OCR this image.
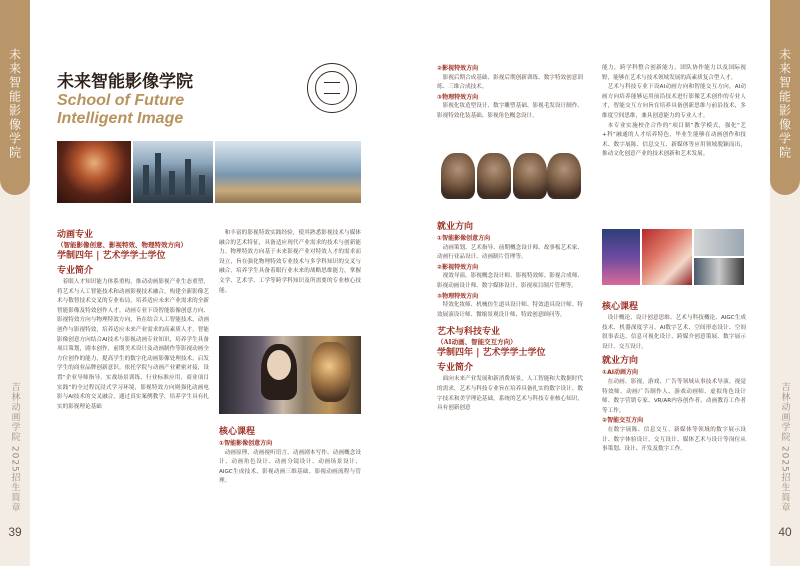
未来智能影像学院
吉林动画学院 2025招生简章
39
未来智能影像学院
吉林动画学院 2025招生简章
40
未来智能影像学院
School of Future
Intelligent Image
动画专业
（智能影像创意、影视特效、物理特效方向）
学制四年 | 艺术学学士学位
专业简介

着眼人才知识能力体系重构，推动动画影视产业生态重塑，将艺术与人工智能技术和动画影视技术融合，构建全新影像艺术与数智技术交叉的专业布局，培养适应未来产业需求的全新智能影像及特效创作人才。动画专业下设智能影像创意方向、影视特效方向与物理特效方向，旨在结合人工智能技术，动画创作与影视特效，培养适应未来产业需求的高素质人才，智能影像创意方向结合AI技术与影视动画专业知识，培养学生具备项目策划，剧本创作，前期美术设计及动画制作等影视动画全方位创作的能力，提高学生的数字化动画影像处理技术，启发学生的商业品牌创新意识。依托学院与动画产业紧密对接，设置“企业导师指导、实战场景训练、行业标准应用、商业项目实践”的全过程沉浸式学习环境，影视特效方向则强化动画电影与AI技术的交叉融合，通过真实案例教学，培养学生具有扎实的影视理论基础

和丰富的影视特效实践经验，使其熟悉影视技术与媒体融合的艺术特征，具备适应现代产业需求的技术与创新能力。物理特效方向基于未来影视产业对特效人才的需求而设立，旨在强化物理特效专业技术与多学科知识的交叉与融合，培养学生具备着眼行业未来的战略思维能力，掌握文学、艺术学、工学等跨学科知识及所需要的专业核心技能。

核心课程
①智能影像创意方向

动画原理、动画视听语言、动画剧本写作、动画概念设计、动画角色设计、动画分镜设计、动画场景设计、AIGC生成技术、影视动画三维基础、影视动画流程与管理。

②影视特效方向

影视后期合成基础、影视后期创新训练、数字特效创意训练、三维合成技术。

③物理特效方向

影视化妆造型设计、数字雕塑基础、影视毛发设计制作、影视特效化装基础、影视角色概念设计。

就业方向
①智能影像创意方向

动画策划、艺术指导、前期概念设计师、故事板艺术家、动画行业品设计、动画制片管理等。

②影视特效方向

视效导演、影视概念设计师、影视特效师、影视合成师、影视动画设计师、数字媒体设计、影视项目制片管理等。

③物理特效方向

特效化妆师、机械仿生道具设计师、特效道具设计师、特效展演设计师、微缩景观设计师、特效创意顾问等。

艺术与科技专业
（AI动画、智能交互方向）
学制四年 | 艺术学学士学位
专业简介

面向未来产业发展和新消费场景，人工智能和大数据时代的需求，艺术与科技专业旨在培养具备扎实的数字设计、数字技术和美学理论基础，系统的艺术与科技专业核心知识，具有创新创意

能力，跨学科整合创新能力，团队协作能力以及国际视野，能够在艺术与技术领域发展的高素质复合型人才。

艺术与科技专业下设AI动画方向和智能交互方向，AI动画方向培养能够运用前沿技术进行影像艺术创作的专业人才，智能交互方向旨在培养具备创新思维与前沿技术，多维度空间思维，兼具创意能力的专业人才。

本专业实施校企合作的“项目制”教学模式，强化“艺+科”融通的人才培养特色，毕业生能够在动画创作和技术、数字展陈、信息交互、新媒体等应用领域脱颖而出，推动文化创意产业的技术创新和艺术发展。

核心课程

设计概论、设计创意思维、艺术与科技概论、AIGC生成技术、机器深度学习、AI数字艺术、空间形态设计、空间叙事表达、信息可视化设计、跨媒介创意策展、数字展示设计、交互设计。

就业方向
①AI动画方向

在动画、影视、游戏、广告等领域从事技术导演、视觉特效师、动画广告制作人、游戏动画师、虚拟角色设计师、数字营销专家、VR/AR内容创作者、动画教育工作者等工作。

②智能交互方向

在数字展陈、信息交互、新媒体等领域的数字展示设计、数字体验设计、交互设计、媒体艺术与设计等岗位从事策划、设计、开发及数字工作。
